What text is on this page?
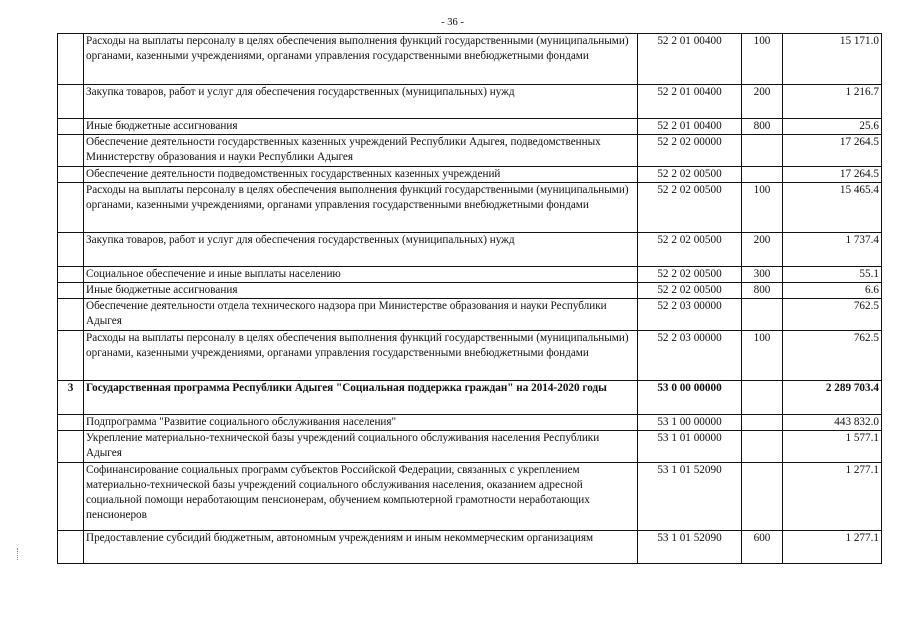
- 36 -
	Расходы на выплаты персоналу в целях обеспечения выполнения функций государственными (муниципальными) органами, казенными учреждениями, органами управления государственными внебюджетными фондами	52 2 01 00400	100	15 171.0
	Закупка товаров, работ и услуг для обеспечения государственных (муниципальных) нужд	52 2 01 00400	200	1 216.7
	Иные бюджетные ассигнования	52 2 01 00400	800	25.6
	Обеспечение деятельности государственных казенных учреждений Республики Адыгея, подведомственных Министерству образования и науки Республики Адыгея	52 2 02 00000		17 264.5
	Обеспечение деятельности подведомственных государственных казенных учреждений	52 2 02 00500		17 264.5
	Расходы на выплаты персоналу в целях обеспечения выполнения функций государственными (муниципальными) органами, казенными учреждениями, органами управления государственными внебюджетными фондами	52 2 02 00500	100	15 465.4
	Закупка товаров, работ и услуг для обеспечения государственных (муниципальных) нужд	52 2 02 00500	200	1 737.4
	Социальное обеспечение и иные выплаты населению	52 2 02 00500	300	55.1
	Иные бюджетные ассигнования	52 2 02 00500	800	6.6
	Обеспечение деятельности отдела технического надзора при Министерстве образования и науки Республики Адыгея	52 2 03 00000		762.5
	Расходы на выплаты персоналу в целях обеспечения выполнения функций государственными (муниципальными) органами, казенными учреждениями, органами управления государственными внебюджетными фондами	52 2 03 00000	100	762.5
3	Государственная программа Республики Адыгея "Социальная поддержка граждан" на 2014-2020 годы	53 0 00 00000		2 289 703.4
	Подпрограмма "Развитие социального обслуживания населения"	53 1 00 00000		443 832.0
	Укрепление материально-технической базы учреждений социального обслуживания населения Республики Адыгея	53 1 01 00000		1 577.1
	Софинансирование социальных программ субъектов Российской Федерации, связанных с укреплением материально-технической базы учреждений социального обслуживания населения, оказанием адресной социальной помощи неработающим пенсионерам, обучением компьютерной грамотности неработающих пенсионеров	53 1 01 52090		1 277.1
	Предоставление субсидий бюджетным, автономным учреждениям и иным некоммерческим организациям	53 1 01 52090	600	1 277.1
